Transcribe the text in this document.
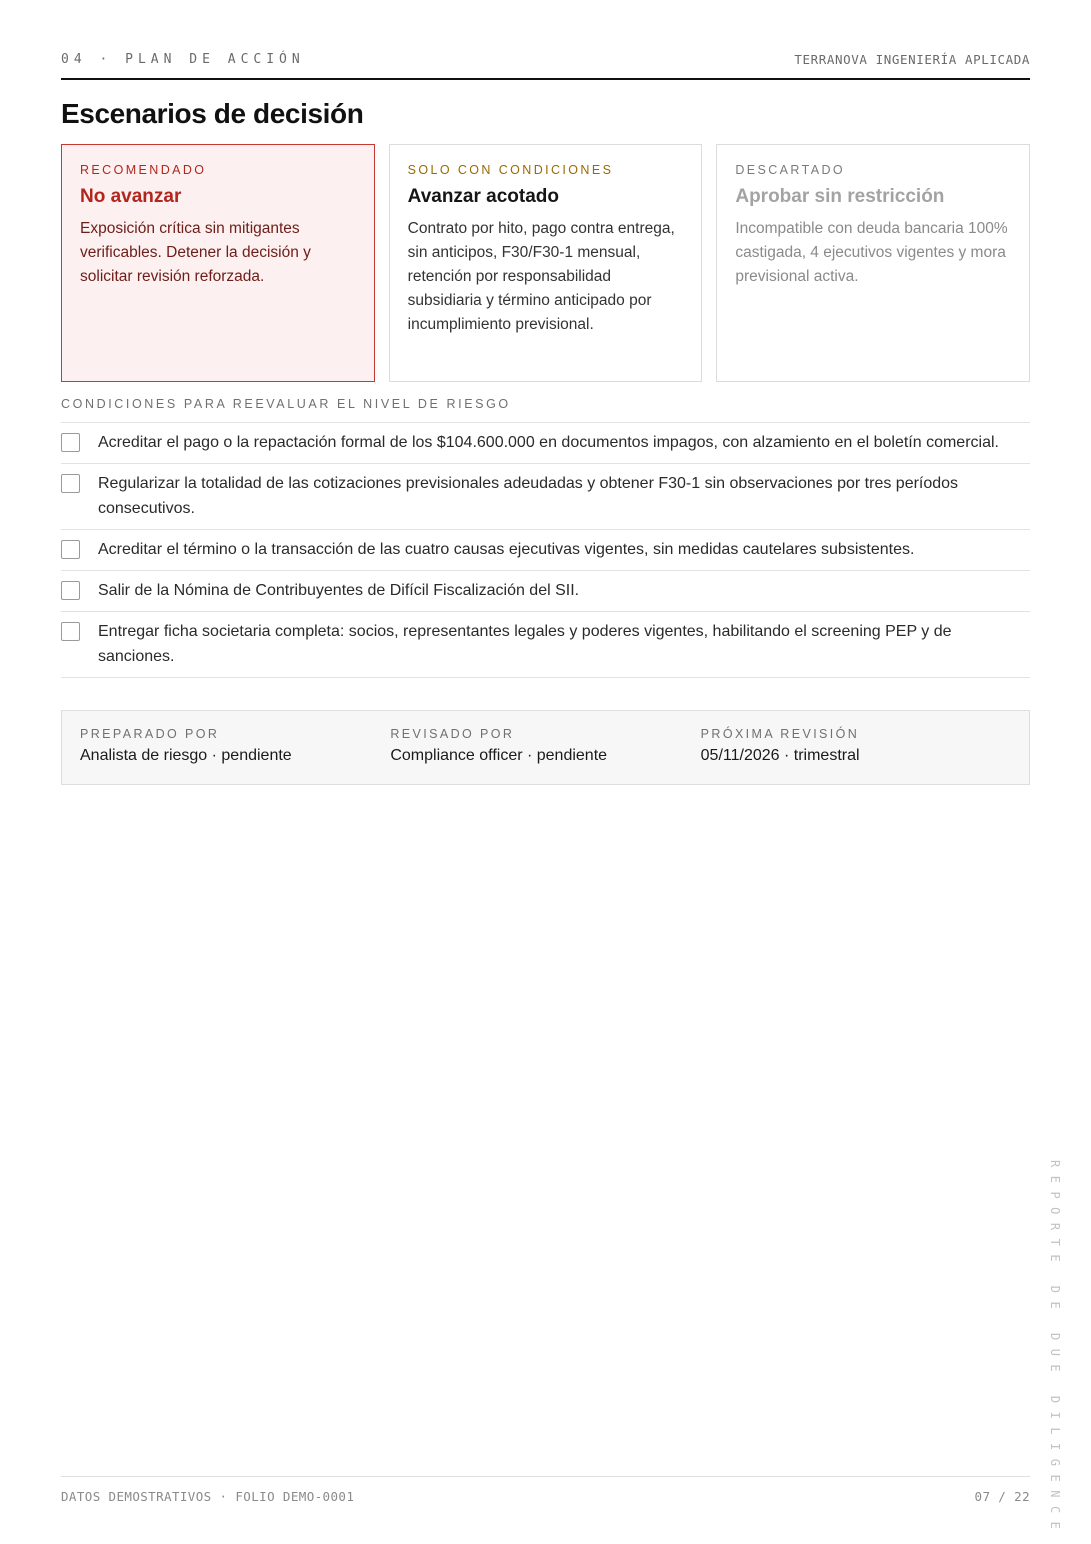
04 · PLAN DE ACCIÓN	TERRANOVA INGENIERÍA APLICADA
Escenarios de decisión
RECOMENDADO
No avanzar
Exposición crítica sin mitigantes verificables. Detener la decisión y solicitar revisión reforzada.
SOLO CON CONDICIONES
Avanzar acotado
Contrato por hito, pago contra entrega, sin anticipos, F30/F30-1 mensual, retención por responsabilidad subsidiaria y término anticipado por incumplimiento previsional.
DESCARTADO
Aprobar sin restricción
Incompatible con deuda bancaria 100% castigada, 4 ejecutivos vigentes y mora previsional activa.
CONDICIONES PARA REEVALUAR EL NIVEL DE RIESGO
Acreditar el pago o la repactación formal de los $104.600.000 en documentos impagos, con alzamiento en el boletín comercial.
Regularizar la totalidad de las cotizaciones previsionales adeudadas y obtener F30-1 sin observaciones por tres períodos consecutivos.
Acreditar el término o la transacción de las cuatro causas ejecutivas vigentes, sin medidas cautelares subsistentes.
Salir de la Nómina de Contribuyentes de Difícil Fiscalización del SII.
Entregar ficha societaria completa: socios, representantes legales y poderes vigentes, habilitando el screening PEP y de sanciones.
PREPARADO POR
Analista de riesgo · pendiente
REVISADO POR
Compliance officer · pendiente
PRÓXIMA REVISIÓN
05/11/2026 · trimestral
REPORTE DE DUE DILIGENCE
DATOS DEMOSTRATIVOS · FOLIO DEMO-0001	07 / 22
